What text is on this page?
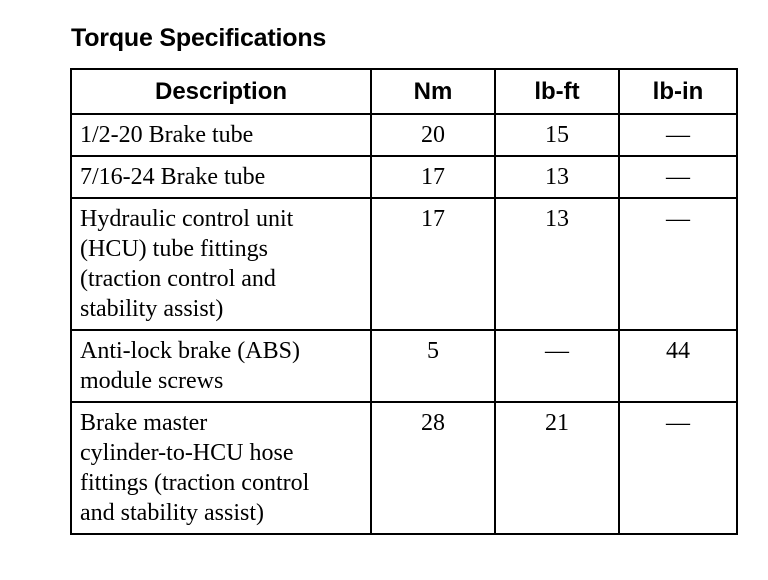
Torque Specifications
Description	Nm	lb-ft	lb-in

1/2-20 Brake tube	20	15	—

7/16-24 Brake tube	17	13	—

Hydraulic control unit
(HCU) tube fittings
(traction control and
stability assist)	17	13	—

Anti-lock brake (ABS)
module screws	5	—	44

Brake master
cylinder-to-HCU hose
fittings (traction control
and stability assist)	28	21	—
